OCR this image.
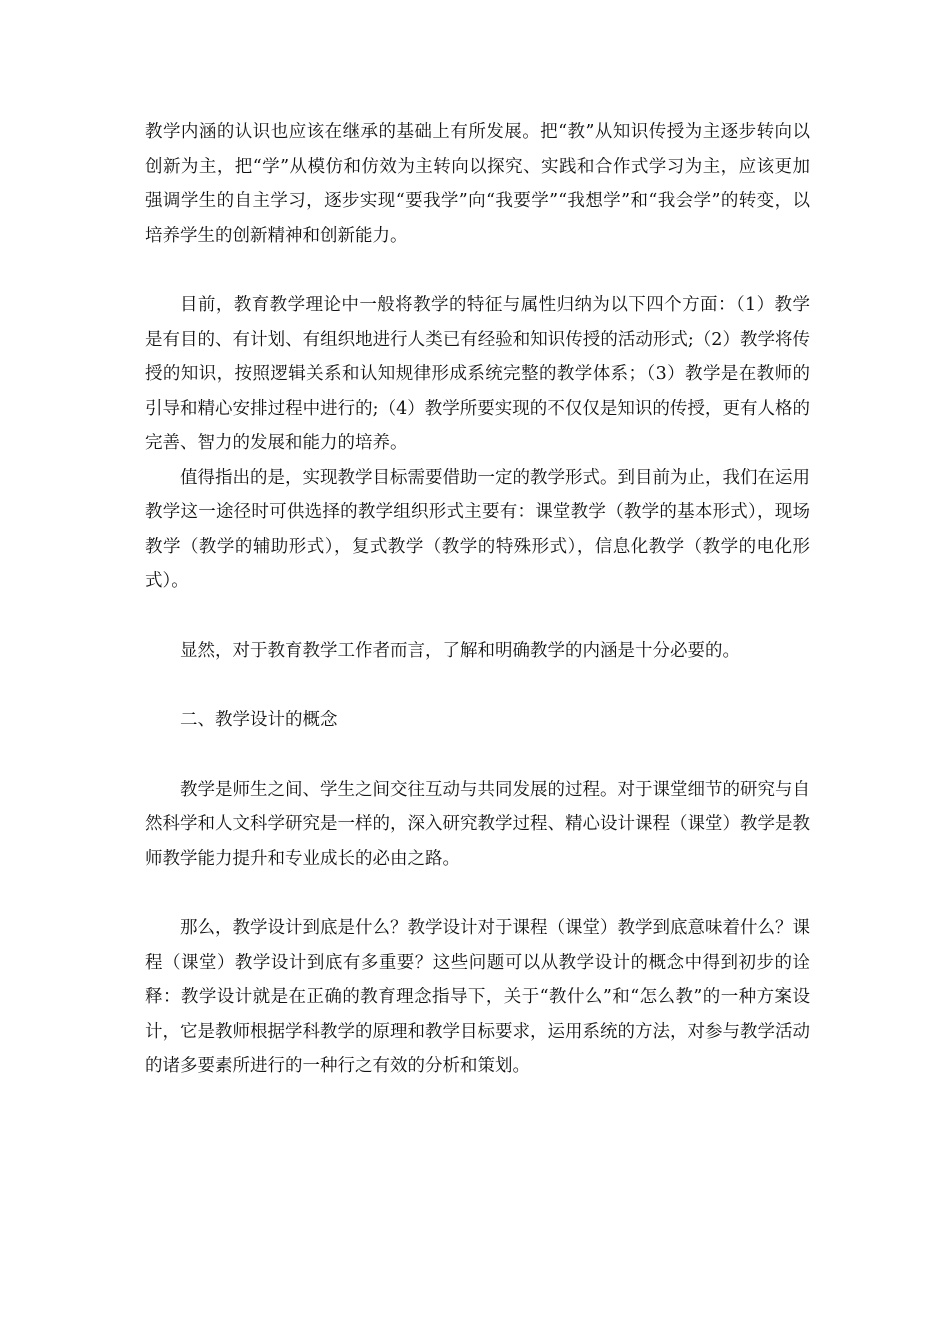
教学内涵的认识也应该在继承的基础上有所发展。把“教”从知识传授为主逐步转向以创新为主，把“学”从模仿和仿效为主转向以探究、实践和合作式学习为主，应该更加强调学生的自主学习，逐步实现“要我学”向“我要学”“我想学”和“我会学”的转变，以培养学生的创新精神和创新能力。

目前，教育教学理论中一般将教学的特征与属性归纳为以下四个方面：（1）教学是有目的、有计划、有组织地进行人类已有经验和知识传授的活动形式;（2）教学将传授的知识，按照逻辑关系和认知规律形成系统完整的教学体系；（3）教学是在教师的引导和精心安排过程中进行的;（4）教学所要实现的不仅仅是知识的传授，更有人格的完善、智力的发展和能力的培养。

值得指出的是，实现教学目标需要借助一定的教学形式。到目前为止，我们在运用教学这一途径时可供选择的教学组织形式主要有：课堂教学（教学的基本形式），现场教学（教学的辅助形式），复式教学（教学的特殊形式），信息化教学（教学的电化形式）。

显然，对于教育教学工作者而言，了解和明确教学的内涵是十分必要的。

二、教学设计的概念

教学是师生之间、学生之间交往互动与共同发展的过程。对于课堂细节的研究与自然科学和人文科学研究是一样的，深入研究教学过程、精心设计课程（课堂）教学是教师教学能力提升和专业成长的必由之路。

那么，教学设计到底是什么？教学设计对于课程（课堂）教学到底意味着什么？课程（课堂）教学设计到底有多重要？这些问题可以从教学设计的概念中得到初步的诠释：教学设计就是在正确的教育理念指导下，关于“教什么”和“怎么教”的一种方案设计，它是教师根据学科教学的原理和教学目标要求，运用系统的方法，对参与教学活动的诸多要素所进行的一种行之有效的分析和策划。
